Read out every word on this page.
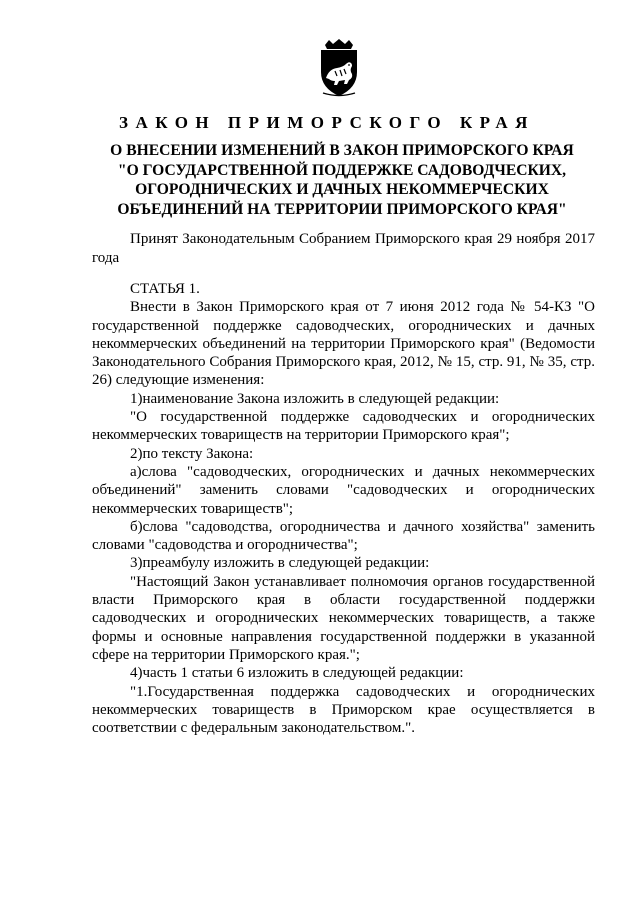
ЗАКОН ПРИМОРСКОГО КРАЯ
О ВНЕСЕНИИ ИЗМЕНЕНИЙ В ЗАКОН ПРИМОРСКОГО КРАЯ
"О ГОСУДАРСТВЕННОЙ ПОДДЕРЖКЕ САДОВОДЧЕСКИХ,
ОГОРОДНИЧЕСКИХ И ДАЧНЫХ НЕКОММЕРЧЕСКИХ
ОБЪЕДИНЕНИЙ НА ТЕРРИТОРИИ ПРИМОРСКОГО КРАЯ"

Принят Законодательным Собранием Приморского края 29 ноября 2017 года

СТАТЬЯ 1.

Внести в Закон Приморского края от 7 июня 2012 года № 54-КЗ "О государственной поддержке садоводческих, огороднических и дачных некоммерческих объединений на территории Приморского края" (Ведомости Законодательного Собрания Приморского края, 2012, № 15, стр. 91, № 35, стр. 26) следующие изменения:

1)наименование Закона изложить в следующей редакции:

"О государственной поддержке садоводческих и огороднических некоммерческих товариществ на территории Приморского края";

2)по тексту Закона:

а)слова "садоводческих, огороднических и дачных некоммерческих объединений" заменить словами "садоводческих и огороднических некоммерческих товариществ";

б)слова "садоводства, огородничества и дачного хозяйства" заменить словами "садоводства и огородничества";

3)преамбулу изложить в следующей редакции:

"Настоящий Закон устанавливает полномочия органов государственной власти Приморского края в области государственной поддержки садоводческих и огороднических некоммерческих товариществ, а также формы и основные направления государственной поддержки в указанной сфере на территории Приморского края.";

4)часть 1 статьи 6 изложить в следующей редакции:

"1.Государственная поддержка садоводческих и огороднических некоммерческих товариществ в Приморском крае осуществляется в соответствии с федеральным законодательством.".
